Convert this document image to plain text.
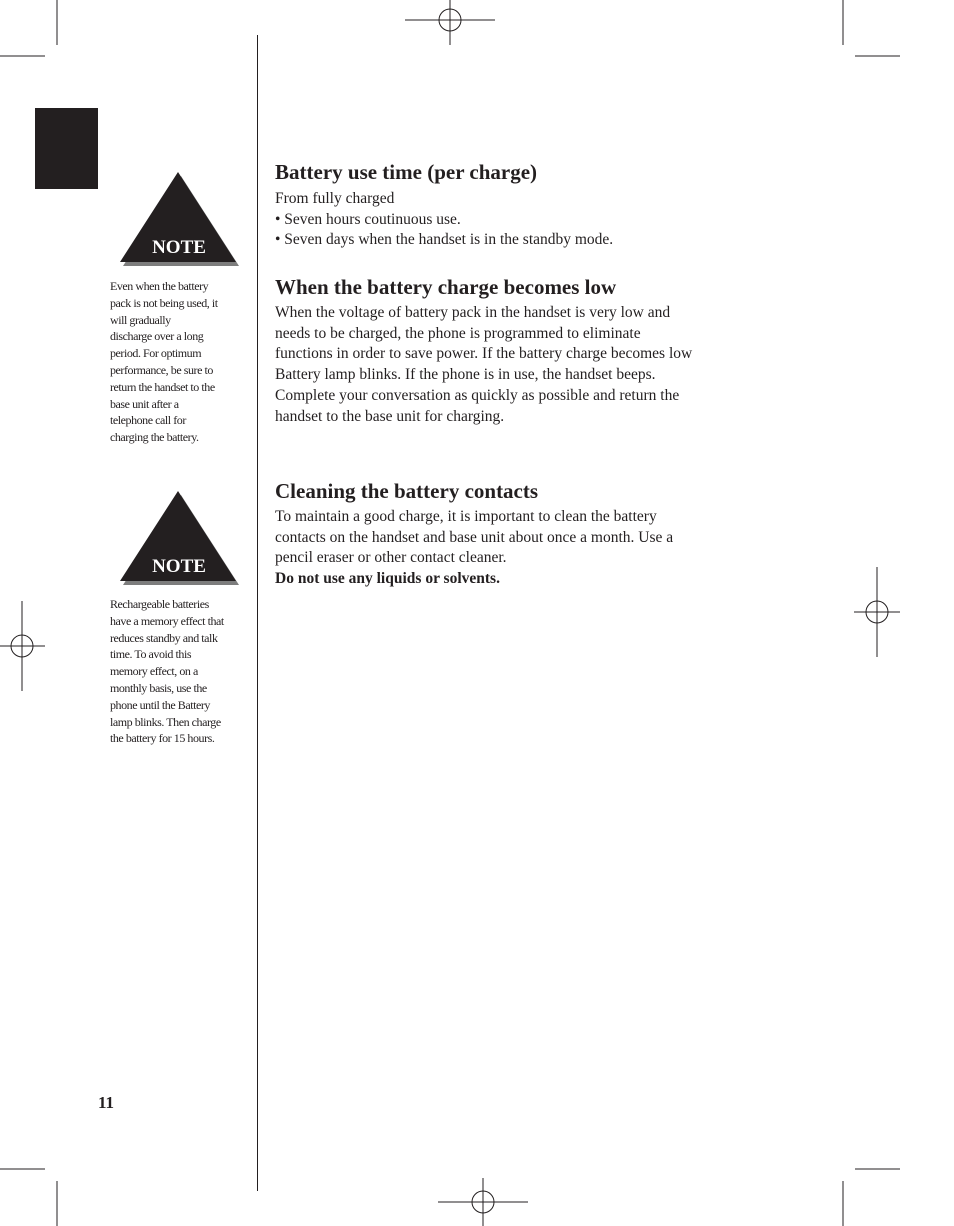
NOTE
Even when the battery
pack is not being used, it
will gradually
discharge over a long
period. For optimum
performance, be sure to
return the handset to the
base unit after a
telephone call for
charging the battery.
NOTE
Rechargeable batteries
have a memory effect that
reduces standby and talk
time. To avoid this
memory effect, on a
monthly basis, use the
phone until the Battery
lamp blinks. Then charge
the battery for 15 hours.
Battery use time (per charge)
From fully charged
• Seven hours coutinuous use.
• Seven days when the handset is in the standby mode.
When the battery charge becomes low
When the voltage of battery pack in the handset is very low and
needs to be charged, the phone is programmed to eliminate
functions in order to save power. If the battery charge becomes low
Battery lamp blinks. If the phone is in use, the handset beeps.
Complete your conversation as quickly as possible and return the
handset to the base unit for charging.
Cleaning the battery contacts
To maintain a good charge, it is important to clean the battery
contacts on the handset and base unit about once a month. Use a
pencil eraser or other contact cleaner.
Do not use any liquids or solvents.
11
